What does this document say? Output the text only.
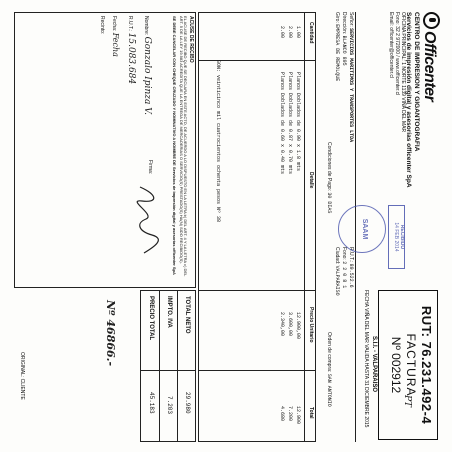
Officenter
CENTRO DE IMPRESION Y GIGANTOGRAFIA
Servicios de impresión digital y asesorías officenter SpA
OFICINA PRINCIPAL: 1 NORTE 1139 VIÑA DEL MAR
Fono: 32 2 972000 / www.officenter.cl
Email: officenter@officenter.cl
RUT: 76.231.492-4
FACTURA
Nº 002912
S.I.I. - VALPARAISO
FECHA VIÑA DEL MAR VALIDA HASTA 31 DICIEMBRE 2015
Señor: SERVICIOS MARITIMOS Y TRANSPORTES LTDA
Dirección: BLANCO 895
Giro: EMPRESA DE REMOLQUE
R.U.T.: 89.522.6
Fono: 2 2 0 8 1
Ciudad: VALPARAISO
Condiciones de Pago: 30 DIAS
Orden de compra: SAN ANTONIO
SAAM	RECIBIDO
14 FEB 2014
Cantidad
Detalle
Precio Unitario
Total
1.00
Planos Doblados de 0.90 x 1.8 mts
12.900,00
12.900
2.00
Planos Doblados de 0.87 x 0.70 mts
3.600,00
7.200
2.00
Planos Doblados de 0.60 x 0.40 mts
2.340,00
4.680
SON: veinticinco mil cuatrocientos ochenta pesos Nº 38
TOTAL NETO
29.980
IMPTO. IVA
7.203
PRECIO TOTAL
45.183
ACUSE DE RECIBO
EL ACUSE DE RECIBO QUE SE DECLARA EN ESTE ACTO, DE ACUERDO A LO DISPUESTO EN LA LETRA b) DEL ART. 4 Y LA LETRA c) DEL ART. 5 DE LA LEY 19.983 ACREDITA QUE LA ENTREGA DE MERCADERIAS O SERVICIO(S) PRESTADO(S) HA(N) SIDO RECIBIDO(S).
SE DEBE CANCELAR CON CHEQUE CRUZADO Y NOMINATIVO A NOMBRE DE Servicios de impresión digital y asesorías officenter SpA
Nombre: Gonzalo Ipinza V.
R.U.T.: 15.083.684
Fecha: Fecha
Recinto:
Firma:
Nº 46866.-
PT
ORIGINAL: CLIENTE
